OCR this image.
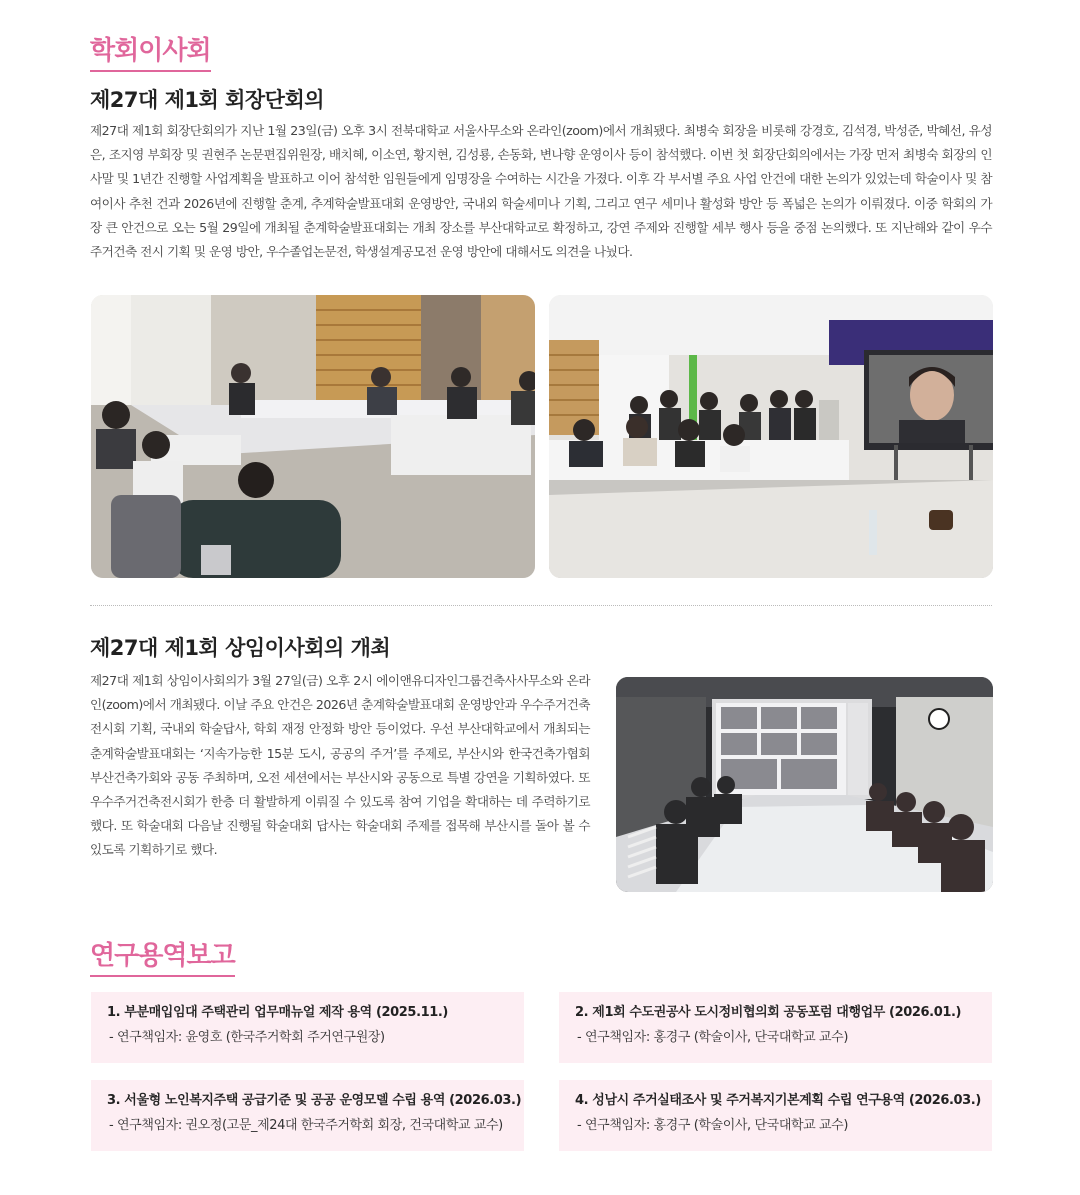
학회이사회
제27대 제1회 회장단회의

제27대 제1회 회장단회의가 지난 1월 23일(금) 오후 3시 전북대학교 서울사무소와 온라인(zoom)에서 개최됐다. 최병숙 회장을 비롯해 강경호, 김석경, 박성준, 박혜선, 유성은, 조지영 부회장 및 권현주 논문편집위원장, 배치혜, 이소연, 황지현, 김성룡, 손동화, 변나향 운영이사 등이 참석했다. 이번 첫 회장단회의에서는 가장 먼저 최병숙 회장의 인사말 및 1년간 진행할 사업계획을 발표하고 이어 참석한 임원들에게 임명장을 수여하는 시간을 가졌다. 이후 각 부서별 주요 사업 안건에 대한 논의가 있었는데 학술이사 및 참여이사 추천 건과 2026년에 진행할 춘계, 추계학술발표대회 운영방안, 국내외 학술세미나 기획, 그리고 연구 세미나 활성화 방안 등 폭넓은 논의가 이뤄졌다. 이중 학회의 가장 큰 안건으로 오는 5월 29일에 개최될 춘계학술발표대회는 개최 장소를 부산대학교로 확정하고, 강연 주제와 진행할 세부 행사 등을 중점 논의했다. 또 지난해와 같이 우수주거건축 전시 기획 및 운영 방안, 우수졸업논문전, 학생설계공모전 운영 방안에 대해서도 의견을 나눴다.

제27대 제1회 상임이사회의 개최

제27대 제1회 상임이사회의가 3월 27일(금) 오후 2시 에이앤유디자인그룹건축사사무소와 온라인(zoom)에서 개최됐다. 이날 주요 안건은 2026년 춘계학술발표대회 운영방안과 우수주거건축전시회 기획, 국내외 학술답사, 학회 재정 안정화 방안 등이었다. 우선 부산대학교에서 개최되는 춘계학술발표대회는 ‘지속가능한 15분 도시, 공공의 주거’를 주제로, 부산시와 한국건축가협회부산건축가회와 공동 주최하며, 오전 세션에서는 부산시와 공동으로 특별 강연을 기획하였다. 또 우수주거건축전시회가 한층 더 활발하게 이뤄질 수 있도록 참여 기업을 확대하는 데 주력하기로 했다. 또 학술대회 다음날 진행될 학술대회 답사는 학술대회 주제를 접목해 부산시를 돌아 볼 수 있도록 기획하기로 했다.

연구용역보고
1. 부분매입임대 주택관리 업무매뉴얼 제작 용역 (2025.11.)
- 연구책임자: 윤영호 (한국주거학회 주거연구원장)
2. 제1회 수도권공사 도시정비협의회 공동포럼 대행업무 (2026.01.)
- 연구책임자: 홍경구 (학술이사, 단국대학교 교수)
3. 서울형 노인복지주택 공급기준 및 공공 운영모델 수립 용역 (2026.03.)
- 연구책임자: 권오정(고문_제24대 한국주거학회 회장, 건국대학교 교수)
4. 성남시 주거실태조사 및 주거복지기본계획 수립 연구용역 (2026.03.)
- 연구책임자: 홍경구 (학술이사, 단국대학교 교수)
